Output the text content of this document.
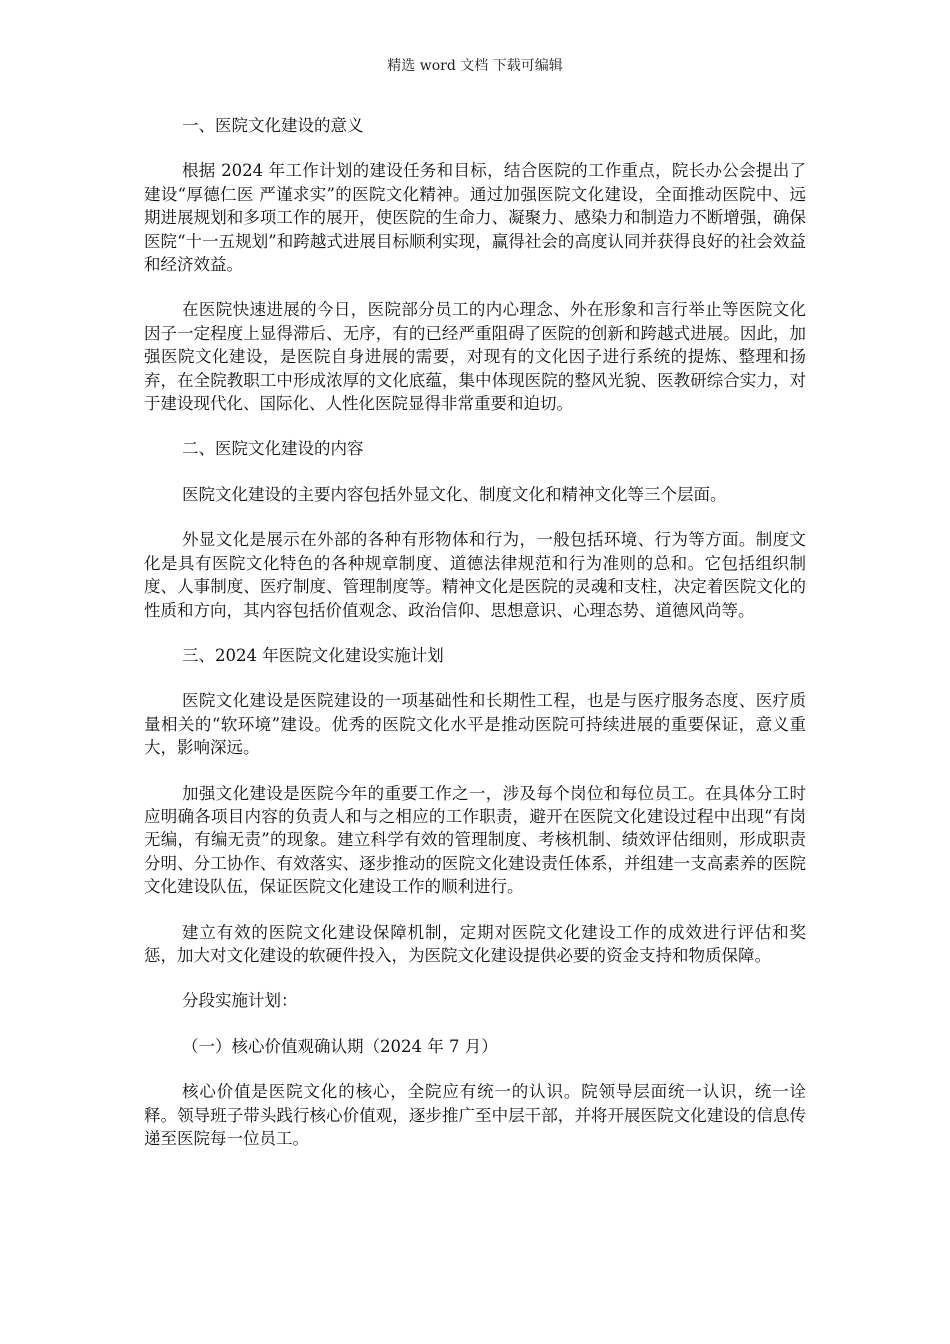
精选 word 文档 下载可编辑

一、医院文化建设的意义

根据 2024 年工作计划的建设任务和目标，结合医院的工作重点，院长办公会提出了建设“厚德仁医 严谨求实”的医院文化精神。通过加强医院文化建设，全面推动医院中、远期进展规划和多项工作的展开，使医院的生命力、凝聚力、感染力和制造力不断增强，确保医院“十一五规划”和跨越式进展目标顺利实现，赢得社会的高度认同并获得良好的社会效益和经济效益。

在医院快速进展的今日，医院部分员工的内心理念、外在形象和言行举止等医院文化因子一定程度上显得滞后、无序，有的已经严重阻碍了医院的创新和跨越式进展。因此，加强医院文化建设，是医院自身进展的需要，对现有的文化因子进行系统的提炼、整理和扬弃，在全院教职工中形成浓厚的文化底蕴，集中体现医院的整风光貌、医教研综合实力，对于建设现代化、国际化、人性化医院显得非常重要和迫切。

二、医院文化建设的内容

医院文化建设的主要内容包括外显文化、制度文化和精神文化等三个层面。

外显文化是展示在外部的各种有形物体和行为，一般包括环境、行为等方面。制度文化是具有医院文化特色的各种规章制度、道德法律规范和行为准则的总和。它包括组织制度、人事制度、医疗制度、管理制度等。精神文化是医院的灵魂和支柱，决定着医院文化的性质和方向，其内容包括价值观念、政治信仰、思想意识、心理态势、道德风尚等。

三、2024 年医院文化建设实施计划

医院文化建设是医院建设的一项基础性和长期性工程，也是与医疗服务态度、医疗质量相关的“软环境”建设。优秀的医院文化水平是推动医院可持续进展的重要保证，意义重大，影响深远。

加强文化建设是医院今年的重要工作之一，涉及每个岗位和每位员工。在具体分工时应明确各项目内容的负责人和与之相应的工作职责，避开在医院文化建设过程中出现“有岗无编，有编无责”的现象。建立科学有效的管理制度、考核机制、绩效评估细则，形成职责分明、分工协作、有效落实、逐步推动的医院文化建设责任体系，并组建一支高素养的医院文化建设队伍，保证医院文化建设工作的顺利进行。

建立有效的医院文化建设保障机制，定期对医院文化建设工作的成效进行评估和奖惩，加大对文化建设的软硬件投入，为医院文化建设提供必要的资金支持和物质保障。

分段实施计划：

（一）核心价值观确认期（2024 年 7 月）

核心价值是医院文化的核心，全院应有统一的认识。院领导层面统一认识，统一诠释。领导班子带头践行核心价值观，逐步推广至中层干部，并将开展医院文化建设的信息传递至医院每一位员工。
